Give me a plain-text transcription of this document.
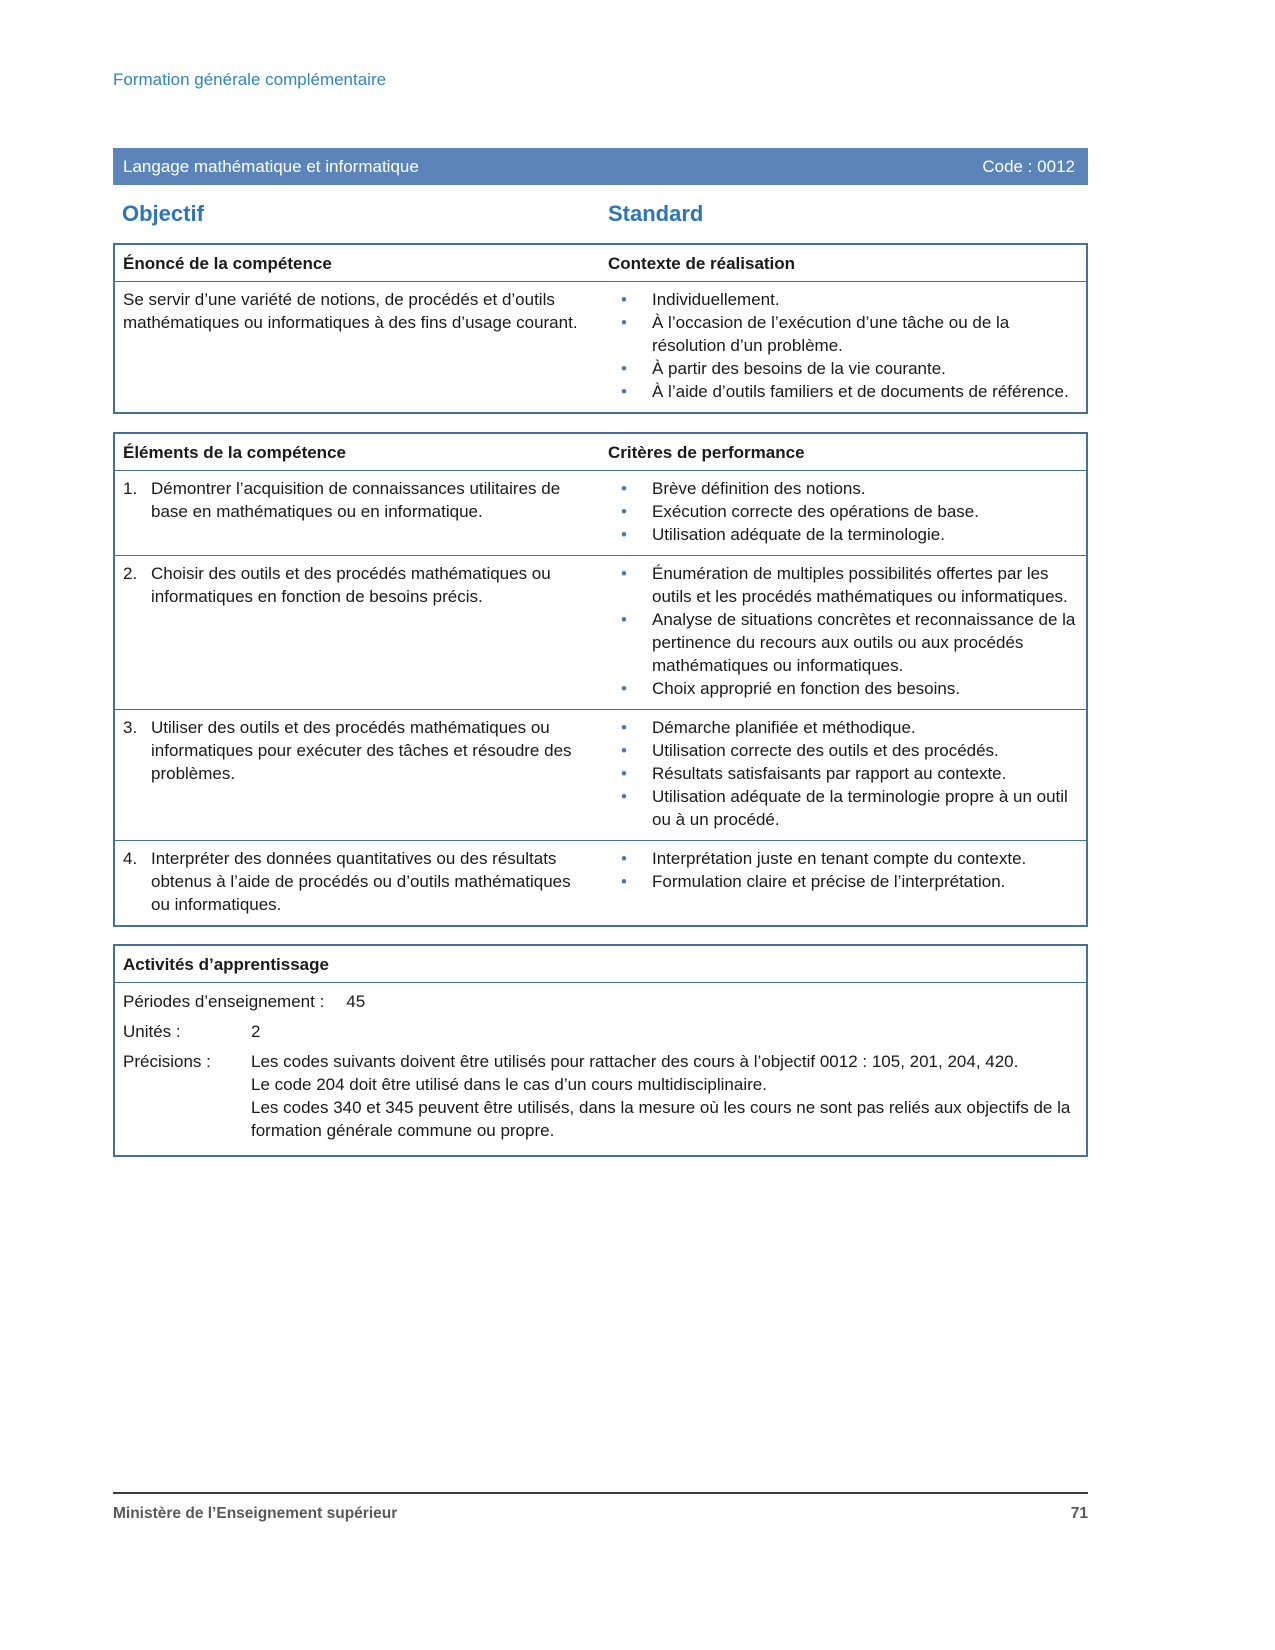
Formation générale complémentaire
Langage mathématique et informatique	Code : 0012
Objectif	Standard
Énoncé de la compétence	Contexte de réalisation
Se servir d’une variété de notions, de procédés et d’outils mathématiques ou informatiques à des fins d’usage courant.
• Individuellement.
• À l’occasion de l’exécution d’une tâche ou de la résolution d’un problème.
• À partir des besoins de la vie courante.
• À l’aide d’outils familiers et de documents de référence.
Éléments de la compétence	Critères de performance
1. Démontrer l’acquisition de connaissances utilitaires de base en mathématiques ou en informatique.
• Brève définition des notions.
• Exécution correcte des opérations de base.
• Utilisation adéquate de la terminologie.
2. Choisir des outils et des procédés mathématiques ou informatiques en fonction de besoins précis.
• Énumération de multiples possibilités offertes par les outils et les procédés mathématiques ou informatiques.
• Analyse de situations concrètes et reconnaissance de la pertinence du recours aux outils ou aux procédés mathématiques ou informatiques.
• Choix approprié en fonction des besoins.
3. Utiliser des outils et des procédés mathématiques ou informatiques pour exécuter des tâches et résoudre des problèmes.
• Démarche planifiée et méthodique.
• Utilisation correcte des outils et des procédés.
• Résultats satisfaisants par rapport au contexte.
• Utilisation adéquate de la terminologie propre à un outil ou à un procédé.
4. Interpréter des données quantitatives ou des résultats obtenus à l’aide de procédés ou d’outils mathématiques ou informatiques.
• Interprétation juste en tenant compte du contexte.
• Formulation claire et précise de l’interprétation.
Activités d’apprentissage
Périodes d’enseignement :	45
Unités :	2
Précisions :	Les codes suivants doivent être utilisés pour rattacher des cours à l’objectif 0012 : 105, 201, 204, 420.

Le code 204 doit être utilisé dans le cas d’un cours multidisciplinaire.

Les codes 340 et 345 peuvent être utilisés, dans la mesure où les cours ne sont pas reliés aux objectifs de la formation générale commune ou propre.

Ministère de l’Enseignement supérieur	71
